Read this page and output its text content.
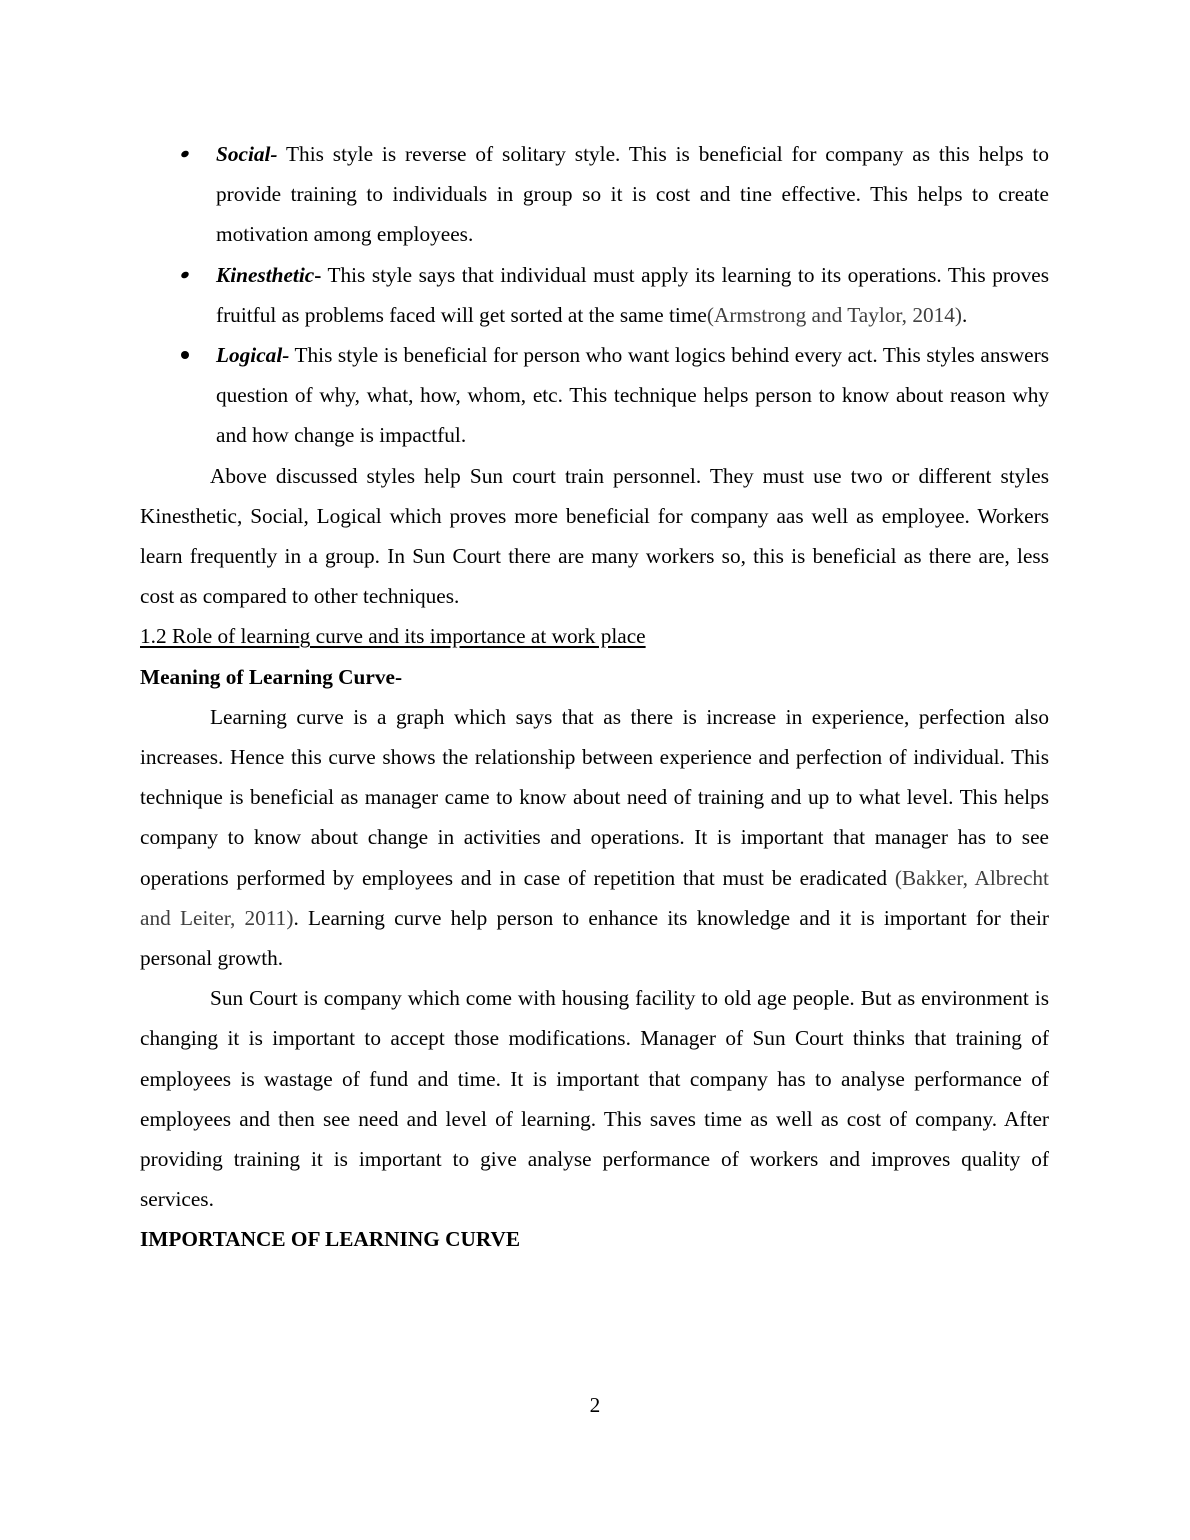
Social- This style is reverse of solitary style. This is beneficial for company as this helps to provide training to individuals in group so it is cost and tine effective. This helps to create motivation among employees.
Kinesthetic- This style says that individual must apply its learning to its operations. This proves fruitful as problems faced will get sorted at the same time(Armstrong and Taylor, 2014).
Logical- This style is beneficial for person who want logics behind every act. This styles answers question of why, what, how, whom, etc. This technique helps person to know about reason why and how change is impactful.
Above discussed styles help Sun court train personnel. They must use two or different styles Kinesthetic, Social, Logical which proves more beneficial for company aas well as employee. Workers learn frequently in a group. In Sun Court there are many workers so, this is beneficial as there are, less cost as compared to other techniques.
1.2 Role of learning curve and its importance at work place
Meaning of Learning Curve-
Learning curve is a graph which says that as there is increase in experience, perfection also increases. Hence this curve shows the relationship between experience and perfection of individual. This technique is beneficial as manager came to know about need of training and up to what level. This helps company to know about change in activities and operations. It is important that manager has to see operations performed by employees and in case of repetition that must be eradicated (Bakker, Albrecht and Leiter, 2011). Learning curve help person to enhance its knowledge and it is important for their personal growth.
Sun Court is company which come with housing facility to old age people. But as environment is changing it is important to accept those modifications. Manager of Sun Court thinks that training of employees is wastage of fund and time. It is important that company has to analyse performance of employees and then see need and level of learning. This saves time as well as cost of company. After providing training it is important to give analyse performance of workers and improves quality of services.
IMPORTANCE OF LEARNING CURVE
2
